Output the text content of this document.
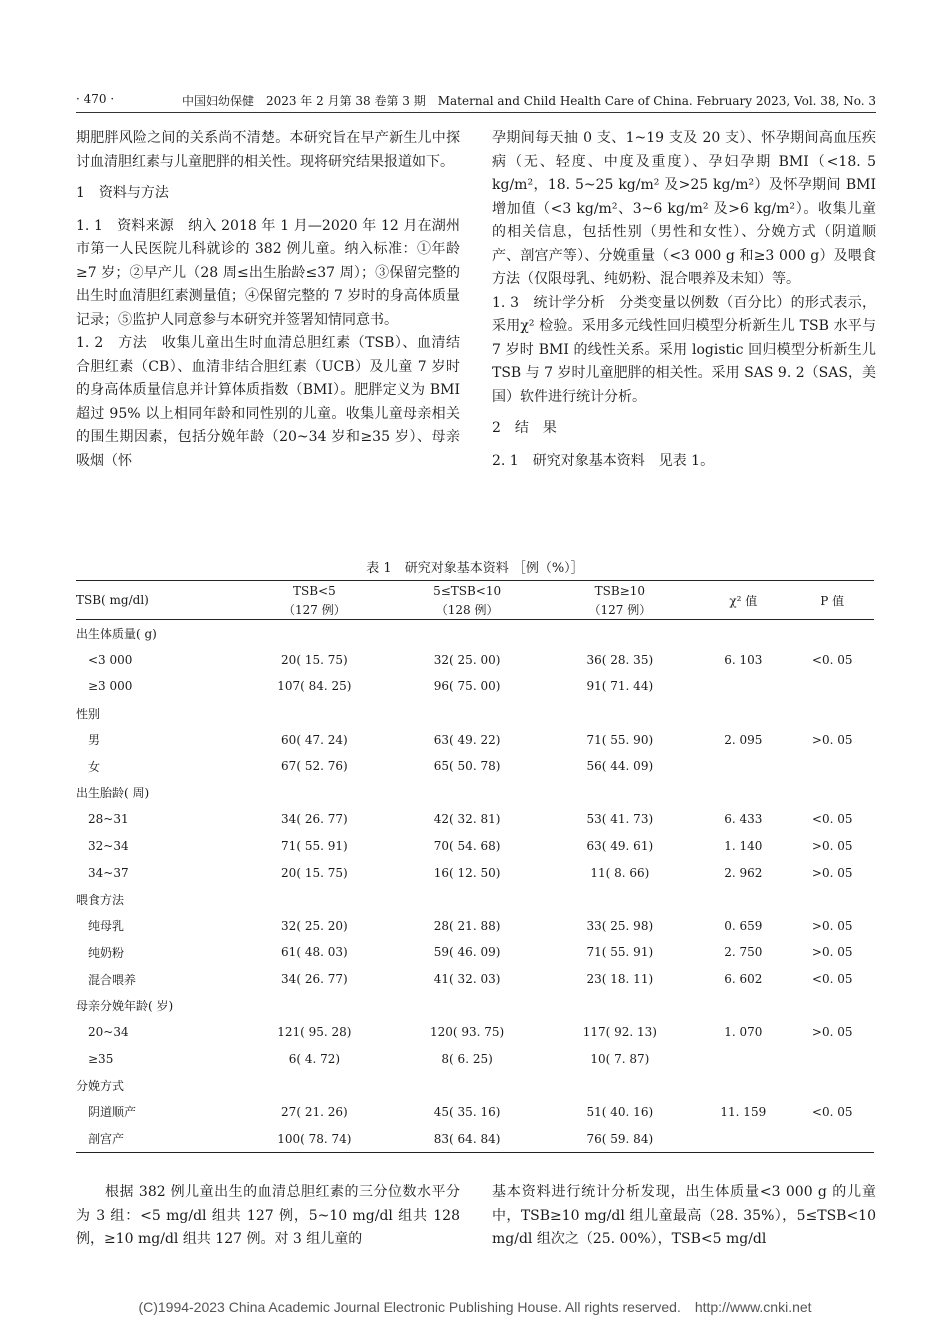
· 470 ·	中国妇幼保健　2023 年 2 月第 38 卷第 3 期　Maternal and Child Health Care of China. February 2023, Vol. 38, No. 3

期肥胖风险之间的关系尚不清楚。本研究旨在早产新生儿中探讨血清胆红素与儿童肥胖的相关性。现将研究结果报道如下。

1　资料与方法

1. 1　资料来源　纳入 2018 年 1 月—2020 年 12 月在湖州市第一人民医院儿科就诊的 382 例儿童。纳入标准：①年龄≥7 岁；②早产儿（28 周≤出生胎龄≤37 周）；③保留完整的出生时血清胆红素测量值；④保留完整的 7 岁时的身高体质量记录；⑤监护人同意参与本研究并签署知情同意书。

1. 2　方法　收集儿童出生时血清总胆红素（TSB）、血清结合胆红素（CB）、血清非结合胆红素（UCB）及儿童 7 岁时的身高体质量信息并计算体质指数（BMI）。肥胖定义为 BMI 超过 95% 以上相同年龄和同性别的儿童。收集儿童母亲相关的围生期因素，包括分娩年龄（20~34 岁和≥35 岁）、母亲吸烟（怀

孕期间每天抽 0 支、1~19 支及 20 支）、怀孕期间高血压疾病（无、轻度、中度及重度）、孕妇孕期 BMI（<18. 5 kg/m²，18. 5~25 kg/m² 及>25 kg/m²）及怀孕期间 BMI 增加值（<3 kg/m²、3~6 kg/m² 及>6 kg/m²）。收集儿童的相关信息，包括性别（男性和女性）、分娩方式（阴道顺产、剖宫产等）、分娩重量（<3 000 g 和≥3 000 g）及喂食方法（仅限母乳、纯奶粉、混合喂养及未知）等。

1. 3　统计学分析　分类变量以例数（百分比）的形式表示，采用χ² 检验。采用多元线性回归模型分析新生儿 TSB 水平与 7 岁时 BMI 的线性关系。采用 logistic 回归模型分析新生儿 TSB 与 7 岁时儿童肥胖的相关性。采用 SAS 9. 2（SAS，美国）软件进行统计分析。

2　结　果

2. 1　研究对象基本资料　见表 1。

表 1　研究对象基本资料 ［例（%）］
TSB( mg/dl)	TSB<5	5≤TSB<10	TSB≥10	χ² 值	P 值
	（127 例）	（128 例）	（127 例）		
出生体质量( g)					
<3 000	20( 15. 75)	32( 25. 00)	36( 28. 35)	6. 103	<0. 05
≥3 000	107( 84. 25)	96( 75. 00)	91( 71. 44)		
性别					
男	60( 47. 24)	63( 49. 22)	71( 55. 90)	2. 095	>0. 05
女	67( 52. 76)	65( 50. 78)	56( 44. 09)		
出生胎龄( 周)					
28~31	34( 26. 77)	42( 32. 81)	53( 41. 73)	6. 433	<0. 05
32~34	71( 55. 91)	70( 54. 68)	63( 49. 61)	1. 140	>0. 05
34~37	20( 15. 75)	16( 12. 50)	11( 8. 66)	2. 962	>0. 05
喂食方法					
纯母乳	32( 25. 20)	28( 21. 88)	33( 25. 98)	0. 659	>0. 05
纯奶粉	61( 48. 03)	59( 46. 09)	71( 55. 91)	2. 750	>0. 05
混合喂养	34( 26. 77)	41( 32. 03)	23( 18. 11)	6. 602	<0. 05
母亲分娩年龄( 岁)					
20~34	121( 95. 28)	120( 93. 75)	117( 92. 13)	1. 070	>0. 05
≥35	6( 4. 72)	8( 6. 25)	10( 7. 87)		
分娩方式					
阴道顺产	27( 21. 26)	45( 35. 16)	51( 40. 16)	11. 159	<0. 05
剖宫产	100( 78. 74)	83( 64. 84)	76( 59. 84)		

　　根据 382 例儿童出生的血清总胆红素的三分位数水平分为 3 组：<5 mg/dl 组共 127 例，5~10 mg/dl 组共 128 例，≥10 mg/dl 组共 127 例。对 3 组儿童的

基本资料进行统计分析发现，出生体质量<3 000 g 的儿童中，TSB≥10 mg/dl 组儿童最高（28. 35%），5≤TSB<10 mg/dl 组次之（25. 00%），TSB<5 mg/dl

(C)1994-2023 China Academic Journal Electronic Publishing House. All rights reserved.　http://www.cnki.net
